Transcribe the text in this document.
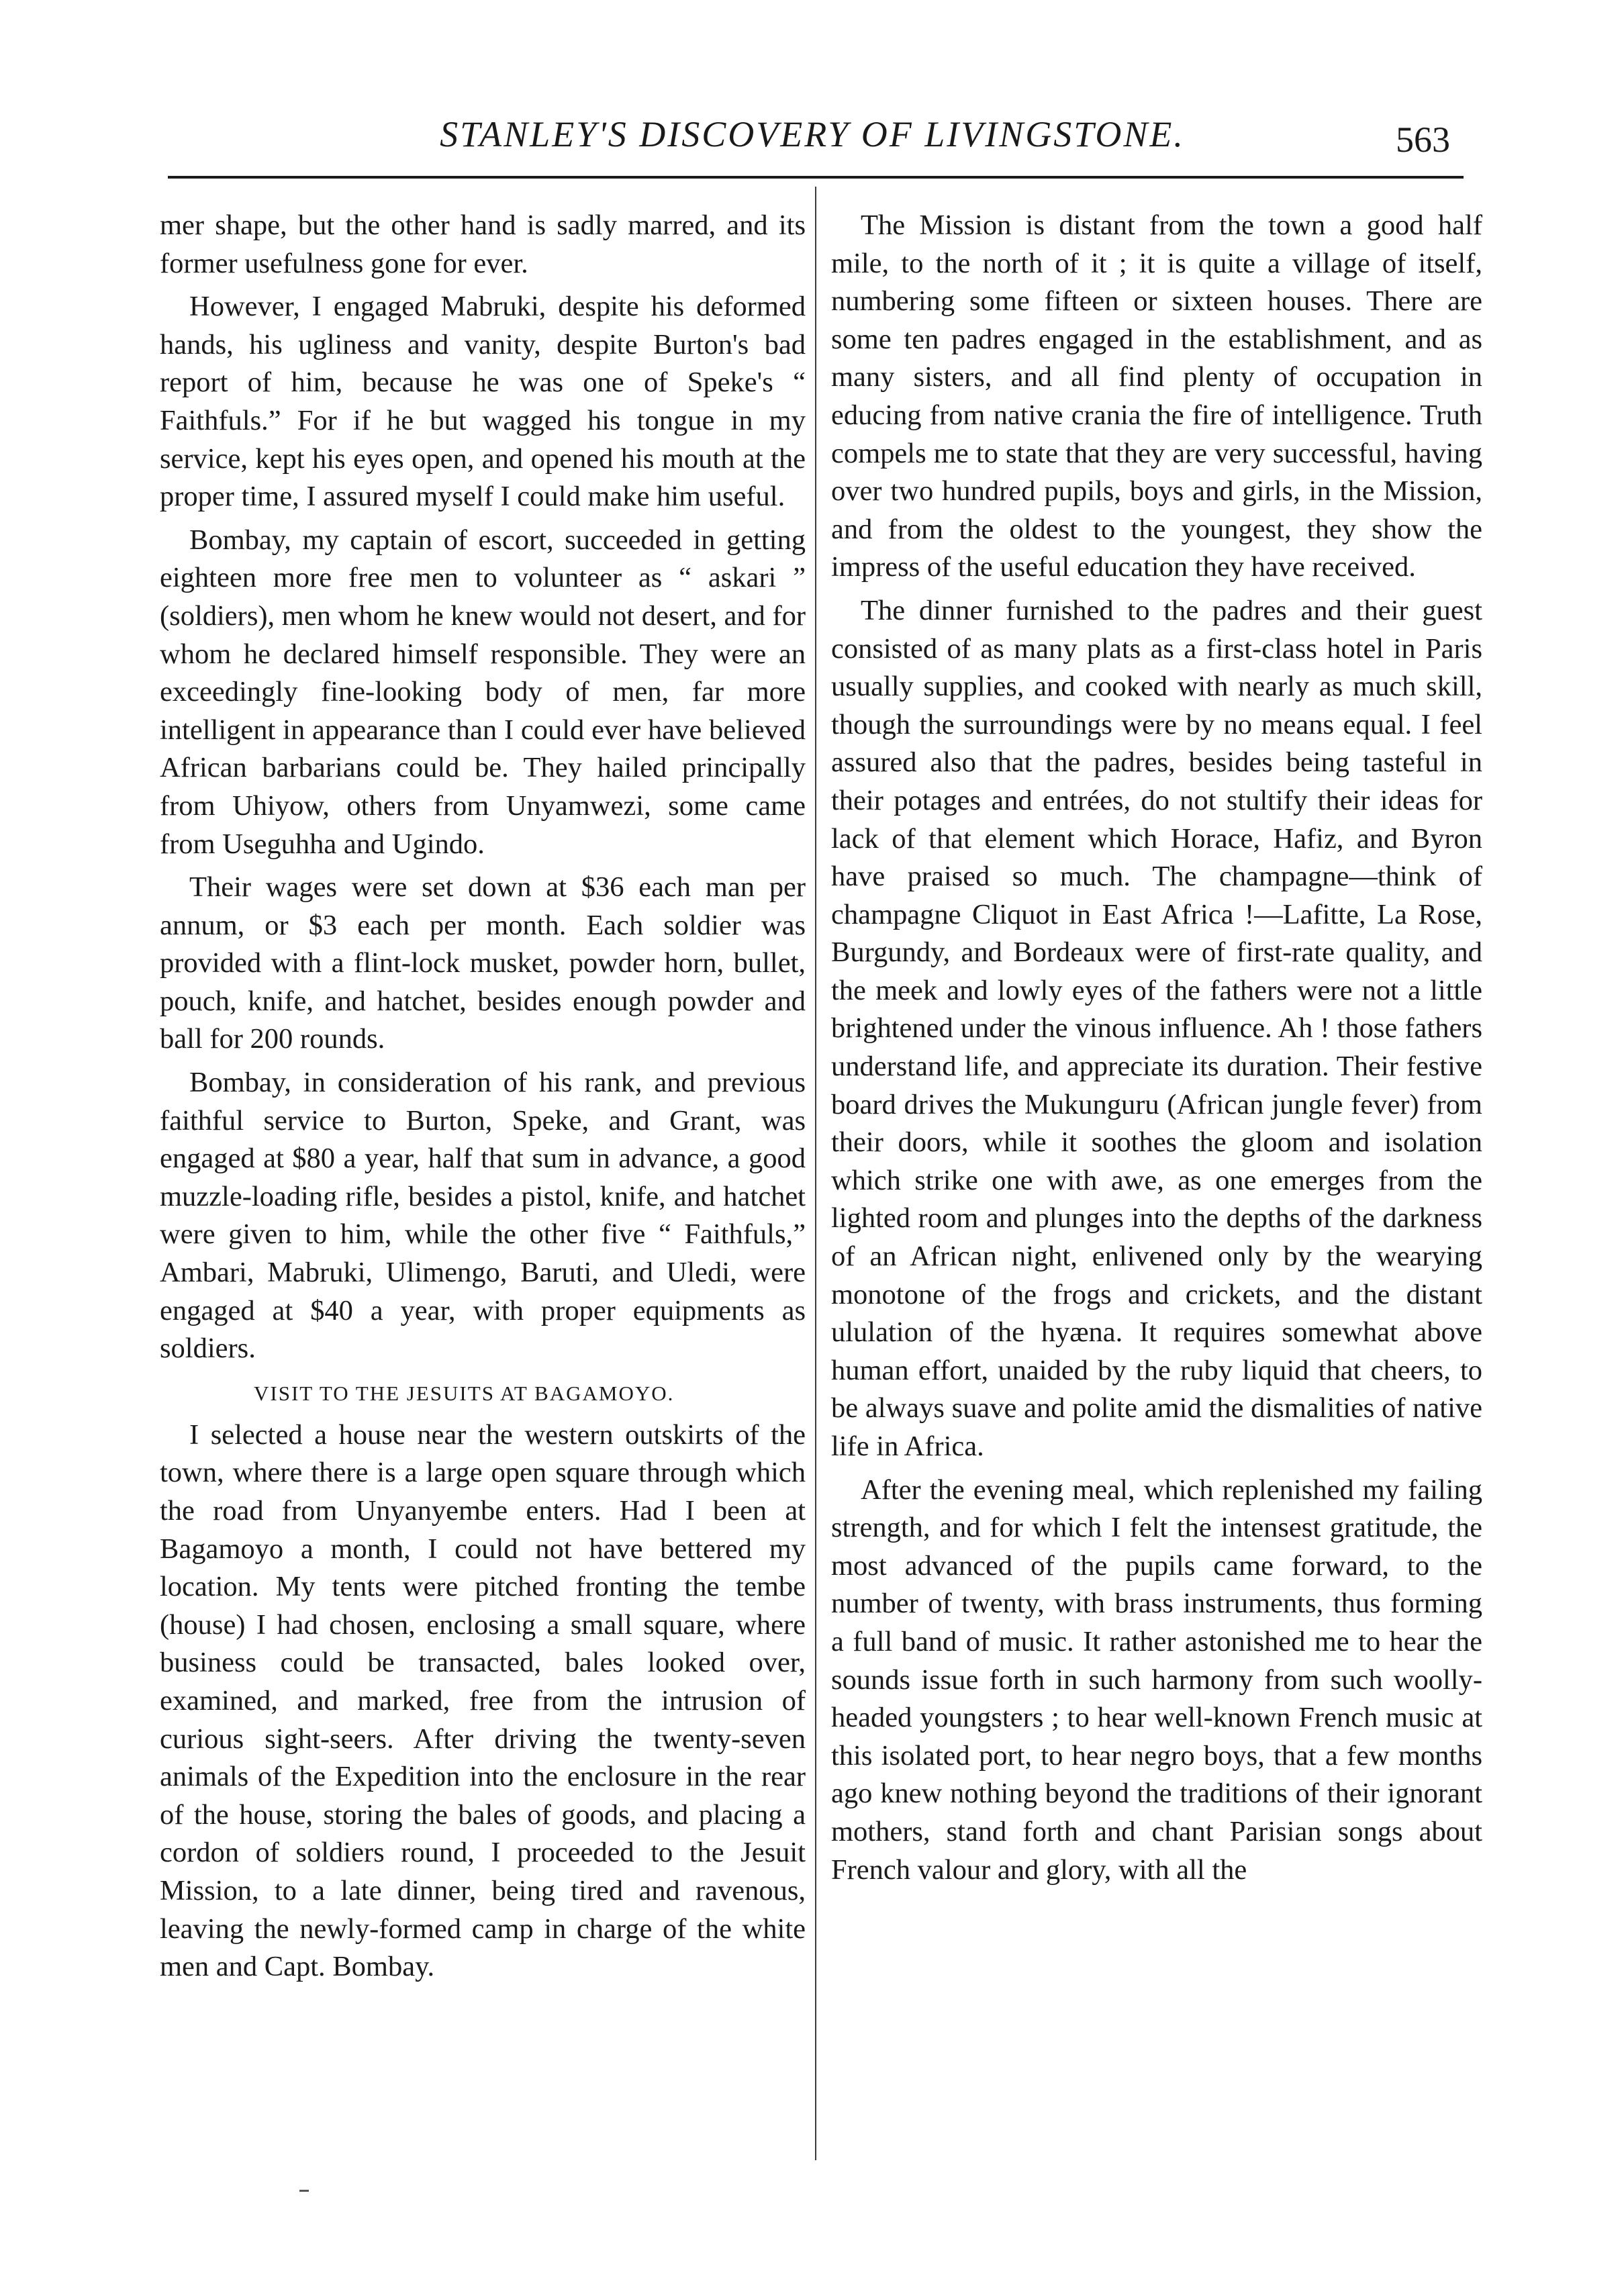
STANLEY'S DISCOVERY OF LIVINGSTONE.	563

mer shape, but the other hand is sadly marred, and its former usefulness gone for ever.

However, I engaged Mabruki, despite his deformed hands, his ugliness and vanity, despite Burton's bad report of him, because he was one of Speke's “ Faithfuls.” For if he but wagged his tongue in my service, kept his eyes open, and opened his mouth at the proper time, I assured myself I could make him useful.

Bombay, my captain of escort, succeeded in getting eighteen more free men to volunteer as “ askari ” (soldiers), men whom he knew would not desert, and for whom he declared himself responsible. They were an exceedingly fine-looking body of men, far more intelligent in appearance than I could ever have believed African barbarians could be. They hailed principally from Uhiyow, others from Unyamwezi, some came from Useguhha and Ugindo.

Their wages were set down at $36 each man per annum, or $3 each per month. Each soldier was provided with a flint-lock musket, powder horn, bullet, pouch, knife, and hatchet, besides enough powder and ball for 200 rounds.

Bombay, in consideration of his rank, and previous faithful service to Burton, Speke, and Grant, was engaged at $80 a year, half that sum in advance, a good muzzle-loading rifle, besides a pistol, knife, and hatchet were given to him, while the other five “ Faithfuls,” Ambari, Mabruki, Ulimengo, Baruti, and Uledi, were engaged at $40 a year, with proper equipments as soldiers.

VISIT TO THE JESUITS AT BAGAMOYO.

I selected a house near the western outskirts of the town, where there is a large open square through which the road from Unyanyembe enters. Had I been at Bagamoyo a month, I could not have bettered my location. My tents were pitched fronting the tembe (house) I had chosen, enclosing a small square, where business could be transacted, bales looked over, examined, and marked, free from the intrusion of curious sight-seers. After driving the twenty-seven animals of the Expedition into the enclosure in the rear of the house, storing the bales of goods, and placing a cordon of soldiers round, I proceeded to the Jesuit Mission, to a late dinner, being tired and ravenous, leaving the newly-formed camp in charge of the white men and Capt. Bombay.

The Mission is distant from the town a good half mile, to the north of it ; it is quite a village of itself, numbering some fifteen or sixteen houses. There are some ten padres engaged in the establishment, and as many sisters, and all find plenty of occupation in educing from native crania the fire of intelligence. Truth compels me to state that they are very successful, having over two hundred pupils, boys and girls, in the Mission, and from the oldest to the youngest, they show the impress of the useful education they have received.

The dinner furnished to the padres and their guest consisted of as many plats as a first-class hotel in Paris usually supplies, and cooked with nearly as much skill, though the surroundings were by no means equal. I feel assured also that the padres, besides being tasteful in their potages and entrées, do not stultify their ideas for lack of that element which Horace, Hafiz, and Byron have praised so much. The champagne—think of champagne Cliquot in East Africa !—Lafitte, La Rose, Burgundy, and Bordeaux were of first-rate quality, and the meek and lowly eyes of the fathers were not a little brightened under the vinous influence. Ah ! those fathers understand life, and appreciate its duration. Their festive board drives the Mukunguru (African jungle fever) from their doors, while it soothes the gloom and isolation which strike one with awe, as one emerges from the lighted room and plunges into the depths of the darkness of an African night, enlivened only by the wearying monotone of the frogs and crickets, and the distant ululation of the hyæna. It requires somewhat above human effort, unaided by the ruby liquid that cheers, to be always suave and polite amid the dismalities of native life in Africa.

After the evening meal, which replenished my failing strength, and for which I felt the intensest gratitude, the most advanced of the pupils came forward, to the number of twenty, with brass instruments, thus forming a full band of music. It rather astonished me to hear the sounds issue forth in such harmony from such woolly-headed youngsters ; to hear well-known French music at this isolated port, to hear negro boys, that a few months ago knew nothing beyond the traditions of their ignorant mothers, stand forth and chant Parisian songs about French valour and glory, with all the
